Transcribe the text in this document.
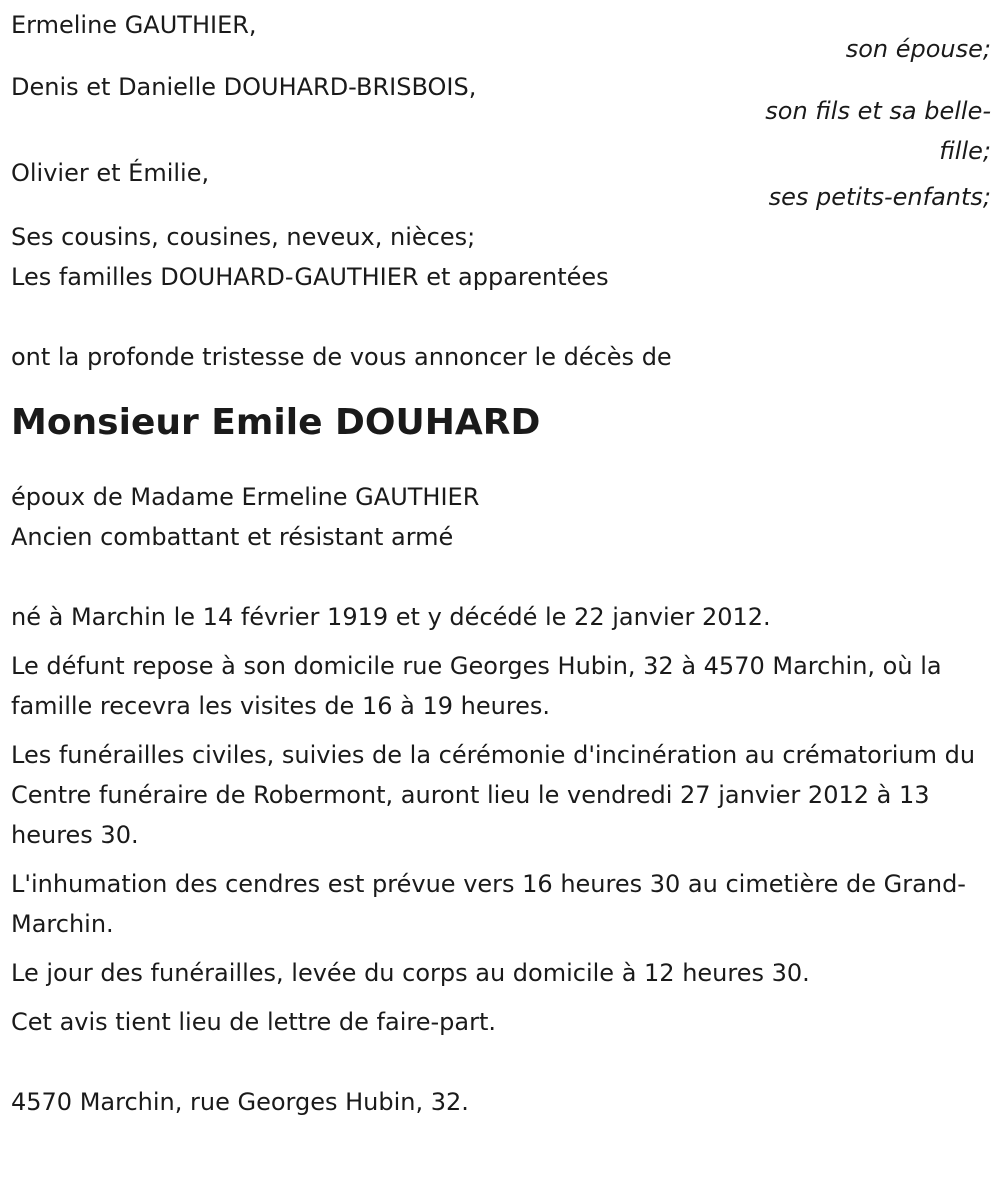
Ermeline GAUTHIER,

son épouse;

Denis et Danielle DOUHARD-BRISBOIS,

son fils et sa belle-fille;

Olivier et Émilie,

ses petits-enfants;

Ses cousins, cousines, neveux, nièces;

Les familles DOUHARD-GAUTHIER et apparentées

ont la profonde tristesse de vous annoncer le décès de

Monsieur Emile DOUHARD

époux de Madame Ermeline GAUTHIER

Ancien combattant et résistant armé

né à Marchin le 14 février 1919 et y décédé le 22 janvier 2012.

Le défunt repose à son domicile rue Georges Hubin, 32 à 4570 Marchin, où la famille recevra les visites de 16 à 19 heures.

Les funérailles civiles, suivies de la cérémonie d'incinération au crématorium du Centre funéraire de Robermont, auront lieu le vendredi 27 janvier 2012 à 13 heures 30.

L'inhumation des cendres est prévue vers 16 heures 30 au cimetière de Grand-Marchin.

Le jour des funérailles, levée du corps au domicile à 12 heures 30.

Cet avis tient lieu de lettre de faire-part.

4570 Marchin, rue Georges Hubin, 32.
